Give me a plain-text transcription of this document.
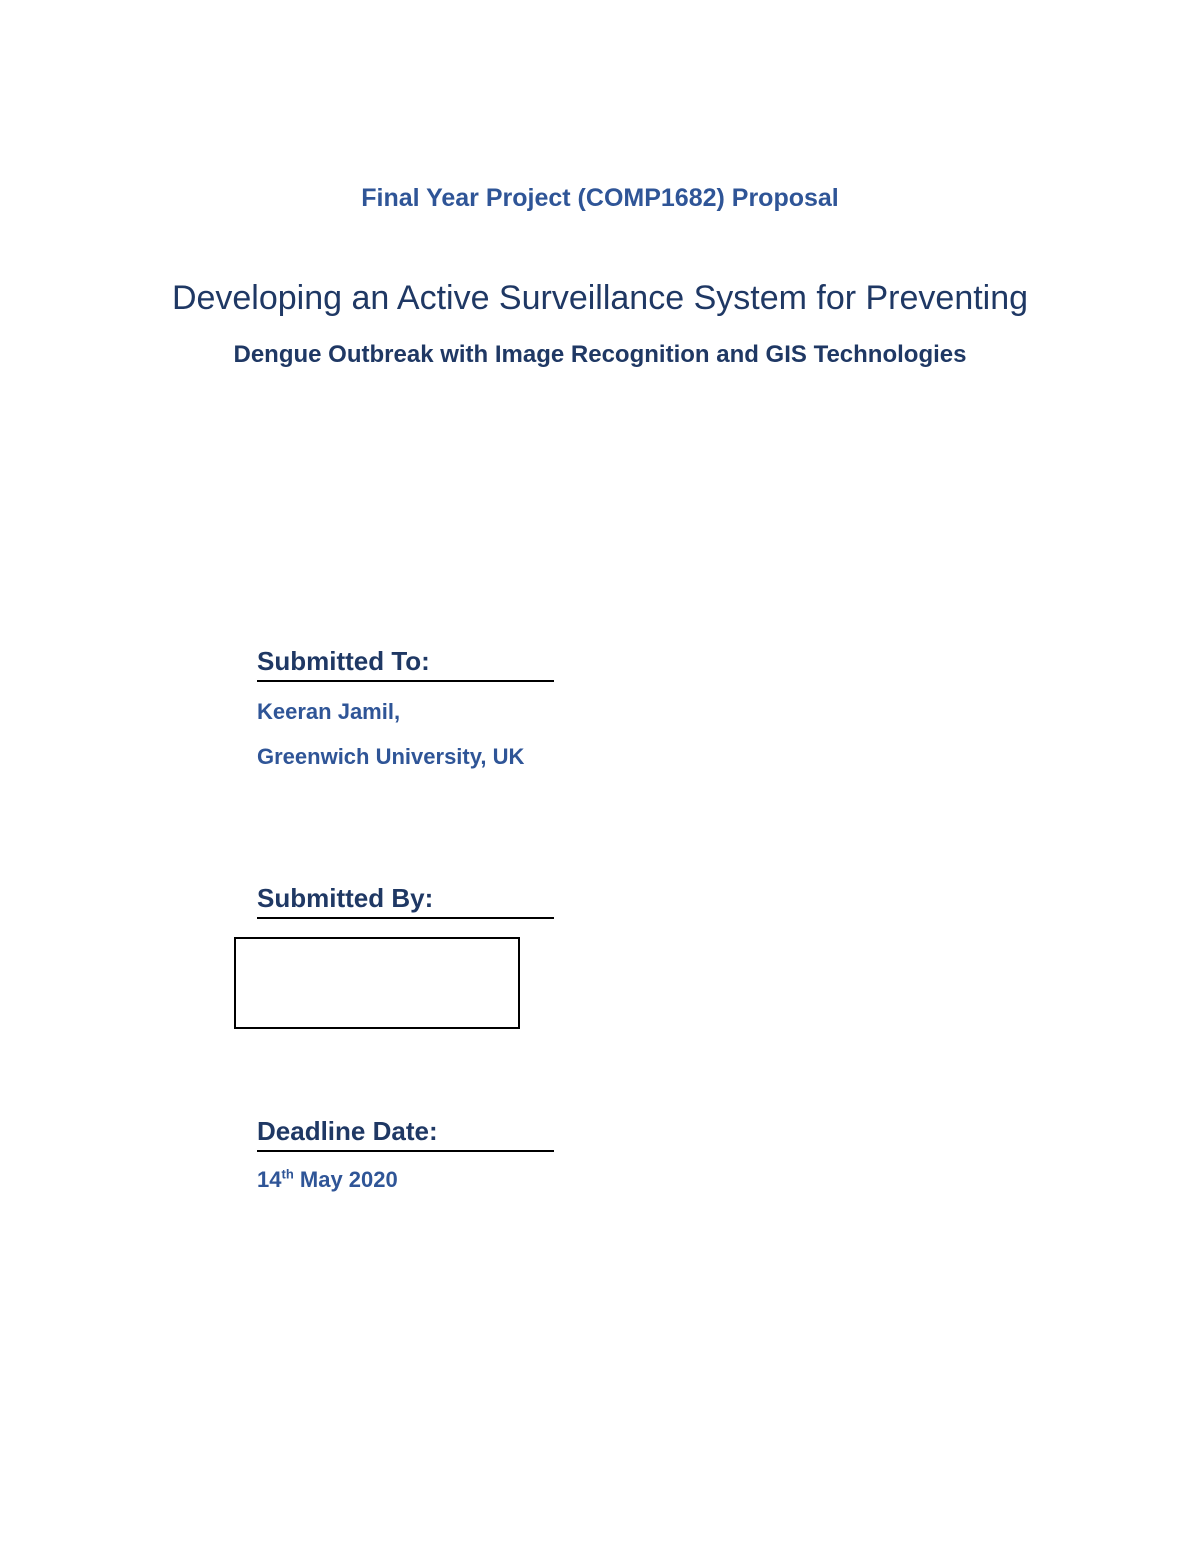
Final Year Project (COMP1682) Proposal
Developing an Active Surveillance System for Preventing
Dengue Outbreak with Image Recognition and GIS Technologies
Submitted To:
Keeran Jamil,
Greenwich University, UK
Submitted By:
Deadline Date:
14th May 2020
